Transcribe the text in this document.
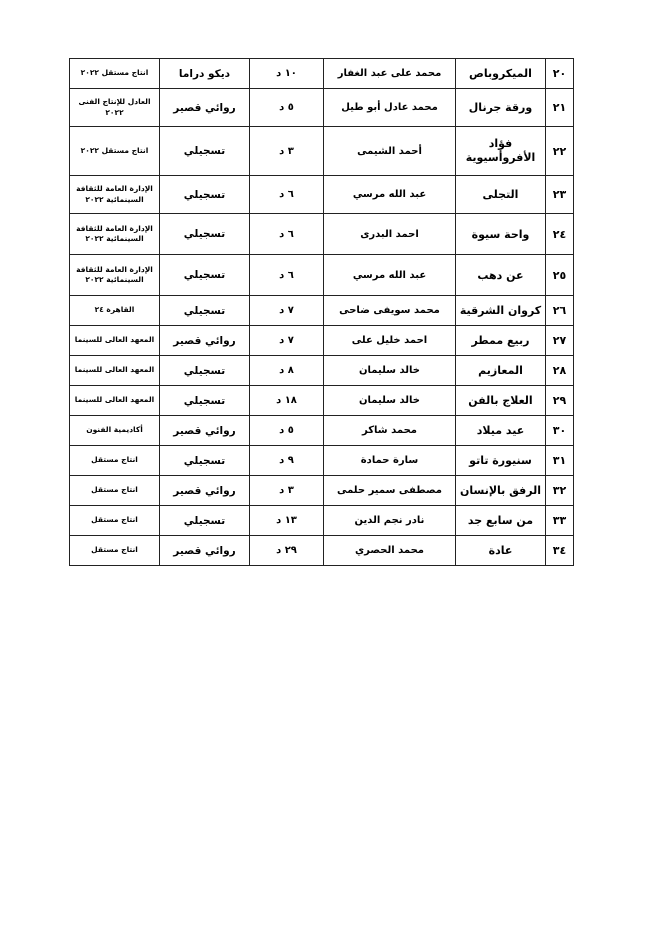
٢٠	الميكروباص	محمد على عبد الغفار	١٠ د	ديكو دراما	انتاج مستقل ٢٠٢٢
٢١	ورقة جرنال	محمد عادل أبو طيل	٥ د	روائي قصير	العادل للإنتاج الفنى ٢٠٢٢
٢٢	فؤاد الأفروأسيوية	أحمد الشيمى	٣ د	تسجيلي	انتاج مستقل ٢٠٢٢
٢٣	التجلى	عبد الله مرسي	٦ د	تسجيلي	الإدارة العامة للثقافة السينمائية ٢٠٢٢
٢٤	واحة سيوة	احمد البدرى	٦ د	تسجيلي	الإدارة العامة للثقافة السينمائية ٢٠٢٢
٢٥	عن دهب	عبد الله مرسي	٦ د	تسجيلي	الإدارة العامة للثقافة السينمائية ٢٠٢٢
٢٦	كروان الشرقية	محمد سويفى ضاحى	٧ د	تسجيلي	القاهرة ٢٤
٢٧	ربيع ممطر	احمد خليل على	٧ د	روائي قصير	المعهد العالى للسينما
٢٨	المعازيم	خالد سليمان	٨ د	تسجيلي	المعهد العالى للسينما
٢٩	العلاج بالفن	خالد سليمان	١٨ د	تسجيلي	المعهد العالى للسينما
٣٠	عيد ميلاد	محمد شاكر	٥ د	روائي قصير	أكاديمية الفنون
٣١	سنيورة تاتو	سارة حمادة	٩ د	تسجيلي	انتاج مستقل
٣٢	الرفق بالإنسان	مصطفى سمير حلمى	٣ د	روائي قصير	انتاج مستقل
٣٣	من سابع جد	نادر نجم الدين	١٣ د	تسجيلي	انتاج مستقل
٣٤	عادة	محمد الحصري	٢٩ د	روائي قصير	انتاج مستقل
